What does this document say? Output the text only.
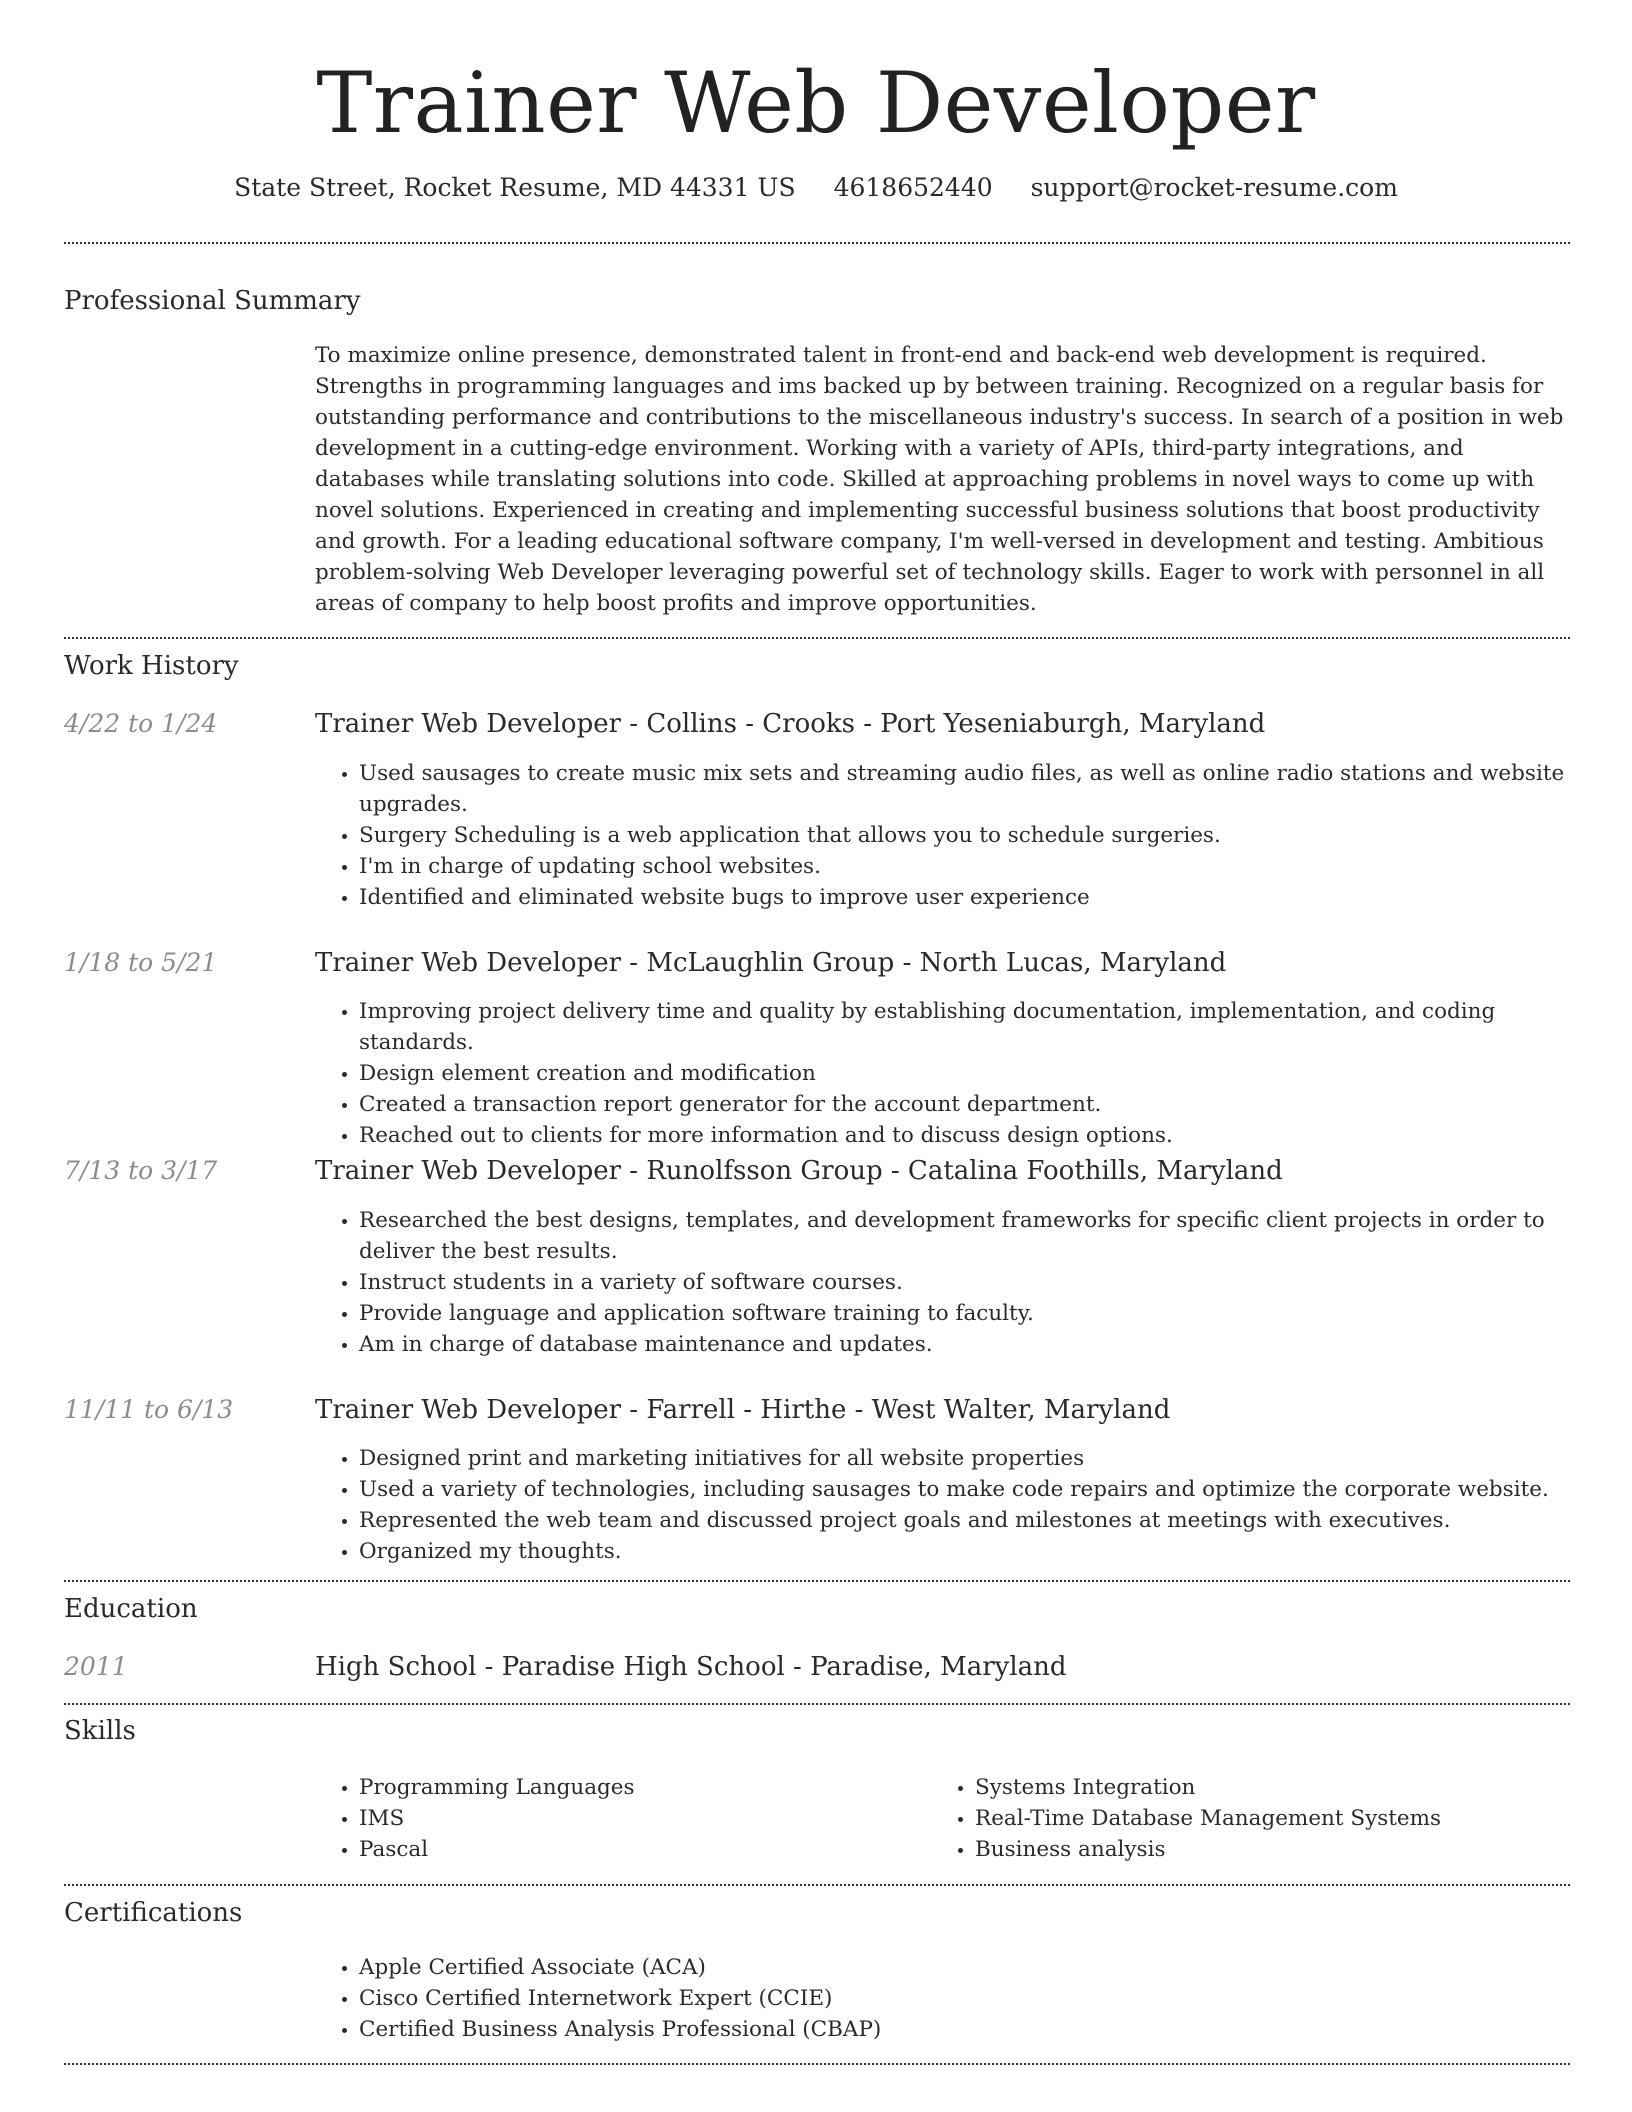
Trainer Web Developer
State Street, Rocket Resume, MD 44331 US 4618652440 support@rocket-resume.com
Professional Summary

To maximize online presence, demonstrated talent in front-end and back-end web development is required. Strengths in programming languages and ims backed up by between training. Recognized on a regular basis for outstanding performance and contributions to the miscellaneous industry's success. In search of a position in web development in a cutting-edge environment. Working with a variety of APIs, third-party integrations, and databases while translating solutions into code. Skilled at approaching problems in novel ways to come up with novel solutions. Experienced in creating and implementing successful business solutions that boost productivity and growth. For a leading educational software company, I'm well-versed in development and testing. Ambitious problem-solving Web Developer leveraging powerful set of technology skills. Eager to work with personnel in all areas of company to help boost profits and improve opportunities.

Work History
4/22 to 1/24	Trainer Web Developer - Collins - Crooks - Port Yeseniaburgh, Maryland
• Used sausages to create music mix sets and streaming audio files, as well as online radio stations and website upgrades.
• Surgery Scheduling is a web application that allows you to schedule surgeries.
• I'm in charge of updating school websites.
• Identified and eliminated website bugs to improve user experience
1/18 to 5/21	Trainer Web Developer - McLaughlin Group - North Lucas, Maryland
• Improving project delivery time and quality by establishing documentation, implementation, and coding standards.
• Design element creation and modification
• Created a transaction report generator for the account department.
• Reached out to clients for more information and to discuss design options.
7/13 to 3/17	Trainer Web Developer - Runolfsson Group - Catalina Foothills, Maryland
• Researched the best designs, templates, and development frameworks for specific client projects in order to deliver the best results.
• Instruct students in a variety of software courses.
• Provide language and application software training to faculty.
• Am in charge of database maintenance and updates.
11/11 to 6/13	Trainer Web Developer - Farrell - Hirthe - West Walter, Maryland
• Designed print and marketing initiatives for all website properties
• Used a variety of technologies, including sausages to make code repairs and optimize the corporate website.
• Represented the web team and discussed project goals and milestones at meetings with executives.
• Organized my thoughts.
Education
2011	High School - Paradise High School - Paradise, Maryland
Skills
• Programming Languages
• IMS
• Pascal
• Systems Integration
• Real-Time Database Management Systems
• Business analysis
Certifications
• Apple Certified Associate (ACA)
• Cisco Certified Internetwork Expert (CCIE)
• Certified Business Analysis Professional (CBAP)
